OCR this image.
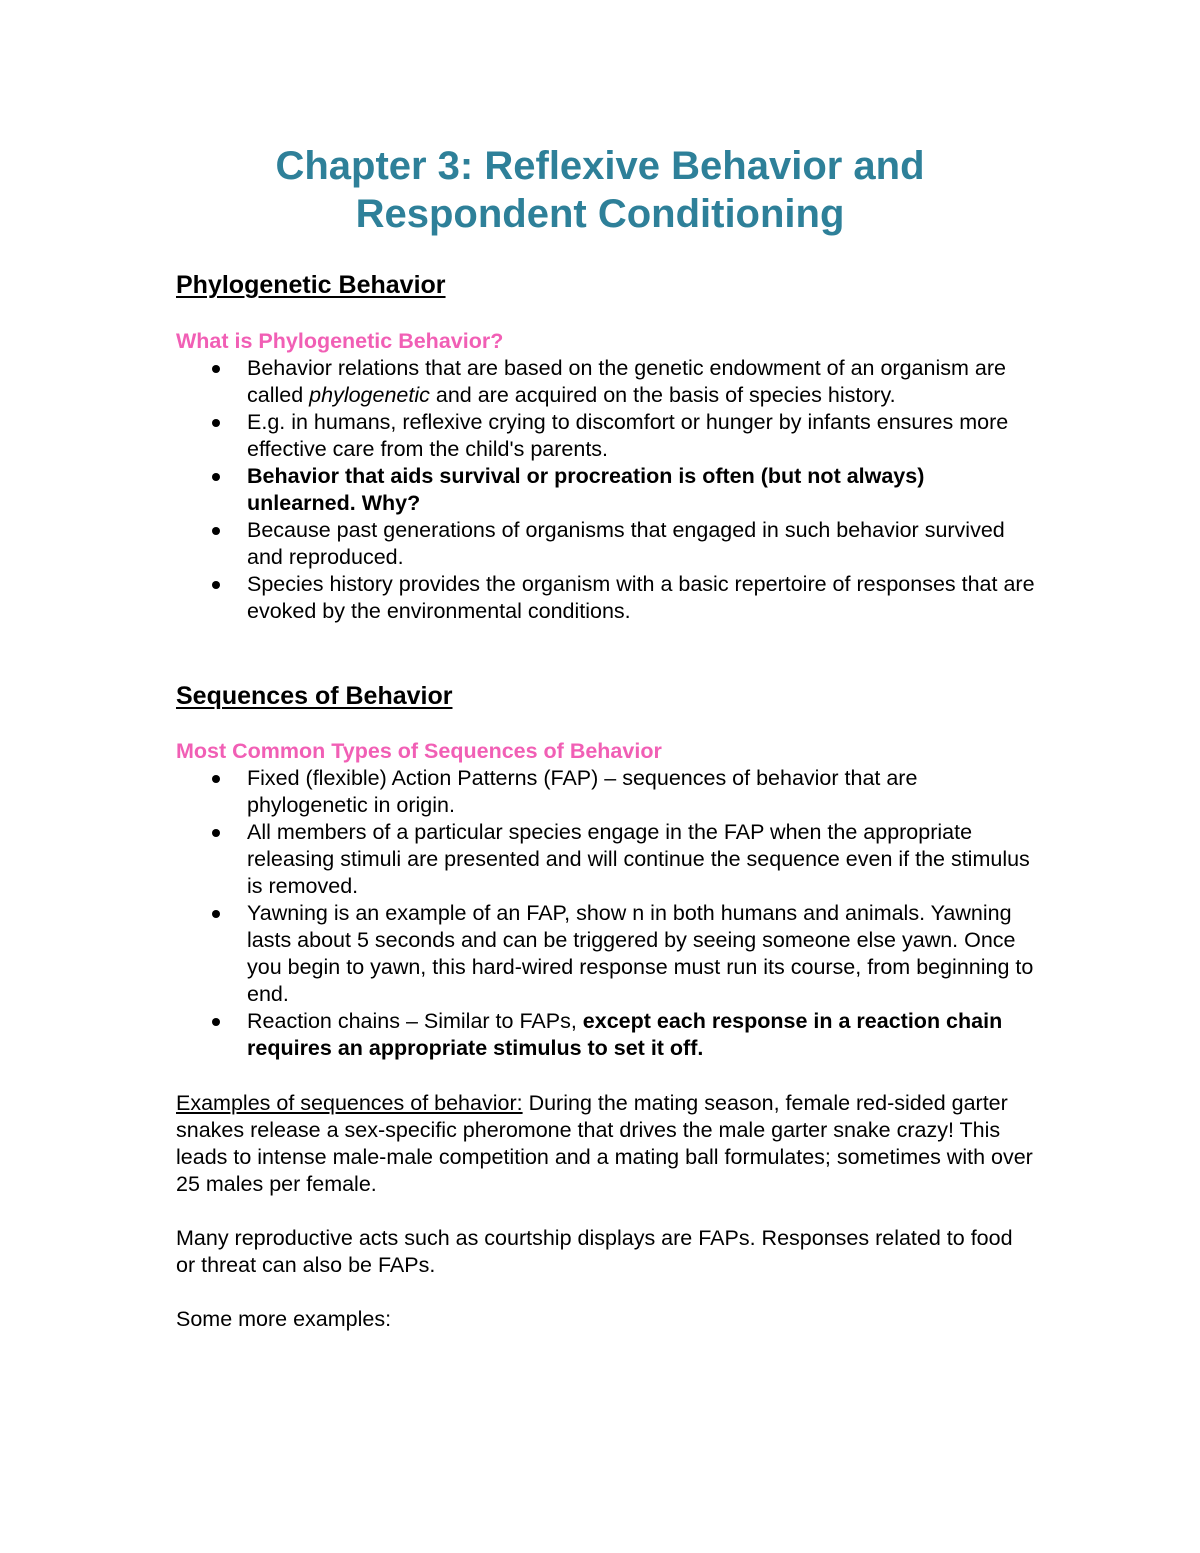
Chapter 3: Reflexive Behavior and
Respondent Conditioning
Phylogenetic Behavior
What is Phylogenetic Behavior?
Behavior relations that are based on the genetic endowment of an organism are called phylogenetic and are acquired on the basis of species history.
E.g. in humans, reflexive crying to discomfort or hunger by infants ensures more effective care from the child's parents.
Behavior that aids survival or procreation is often (but not always) unlearned. Why?
Because past generations of organisms that engaged in such behavior survived and reproduced.
Species history provides the organism with a basic repertoire of responses that are evoked by the environmental conditions.
Sequences of Behavior
Most Common Types of Sequences of Behavior
Fixed (flexible) Action Patterns (FAP) – sequences of behavior that are phylogenetic in origin.
All members of a particular species engage in the FAP when the appropriate releasing stimuli are presented and will continue the sequence even if the stimulus is removed.
Yawning is an example of an FAP, show n in both humans and animals. Yawning lasts about 5 seconds and can be triggered by seeing someone else yawn. Once you begin to yawn, this hard-wired response must run its course, from beginning to end.
Reaction chains – Similar to FAPs, except each response in a reaction chain requires an appropriate stimulus to set it off.

Examples of sequences of behavior: During the mating season, female red-sided garter snakes release a sex-specific pheromone that drives the male garter snake crazy! This leads to intense male-male competition and a mating ball formulates; sometimes with over 25 males per female.

Many reproductive acts such as courtship displays are FAPs. Responses related to food or threat can also be FAPs.

Some more examples:
